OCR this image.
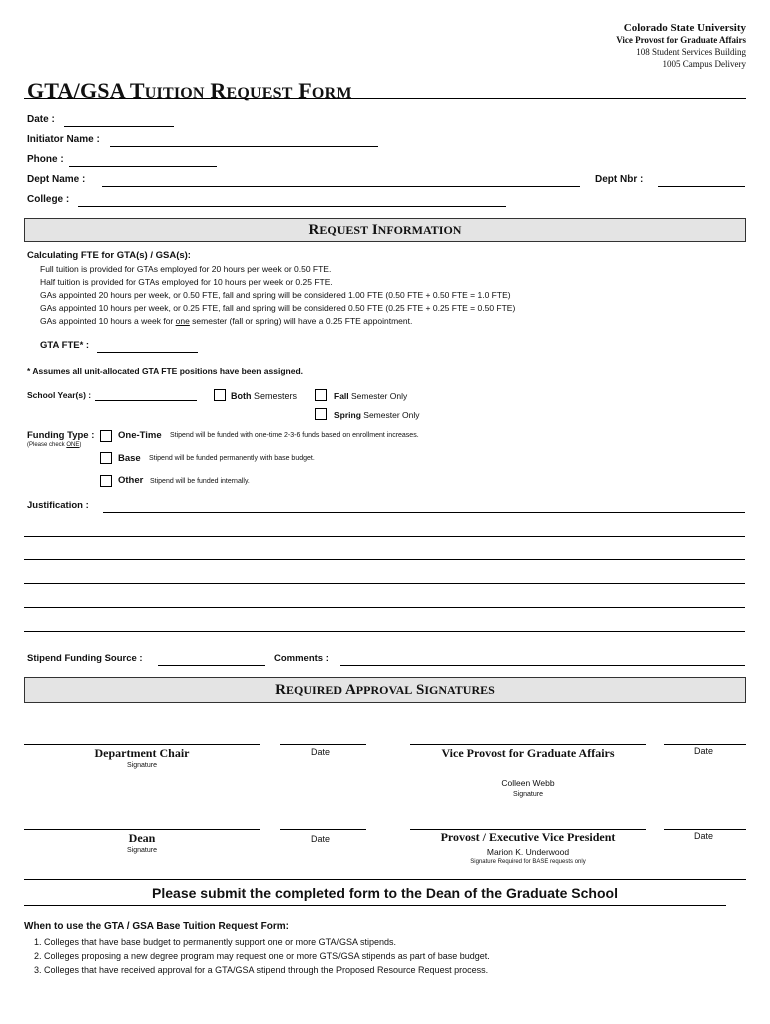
Colorado State University
Vice Provost for Graduate Affairs
108 Student Services Building
1005 Campus Delivery
GTA/GSA TUITION REQUEST FORM
Date :
Initiator Name :
Phone :
Dept Name :	Dept Nbr :
College :
REQUEST INFORMATION
Calculating FTE for GTA(s) / GSA(s):
Full tuition is provided for GTAs employed for 20 hours per week or 0.50 FTE.
Half tuition is provided for GTAs employed for 10 hours per week or 0.25 FTE.
GAs appointed 20 hours per week, or 0.50 FTE, fall and spring will be considered 1.00 FTE (0.50 FTE + 0.50 FTE = 1.0 FTE)
GAs appointed 10 hours per week, or 0.25 FTE, fall and spring will be considered 0.50 FTE (0.25 FTE + 0.25 FTE = 0.50 FTE)
GAs appointed 10 hours a week for one semester (fall or spring) will have a 0.25 FTE appointment.
GTA FTE* :
* Assumes all unit-allocated GTA FTE positions have been assigned.
School Year(s) :	Both Semesters	Fall Semester Only
Spring Semester Only
Funding Type :
(Please check ONE)
One-Time Stipend will be funded with one-time 2-3-6 funds based on enrollment increases.
Base Stipend will be funded permanently with base budget.
Other Stipend will be funded internally.
Justification :
Stipend Funding Source :	Comments :
REQUIRED APPROVAL SIGNATURES
Department Chair
Signature
Date	Vice Provost for Graduate Affairs
Colleen Webb
Signature
Date
Dean
Signature
Date	Provost / Executive Vice President
Marion K. Underwood
Signature Required for BASE requests only
Date
Please submit the completed form to the Dean of the Graduate School
When to use the GTA / GSA Base Tuition Request Form:
1. Colleges that have base budget to permanently support one or more GTA/GSA stipends.
2. Colleges proposing a new degree program may request one or more GTS/GSA stipends as part of base budget.
3. Colleges that have received approval for a GTA/GSA stipend through the Proposed Resource Request process.
